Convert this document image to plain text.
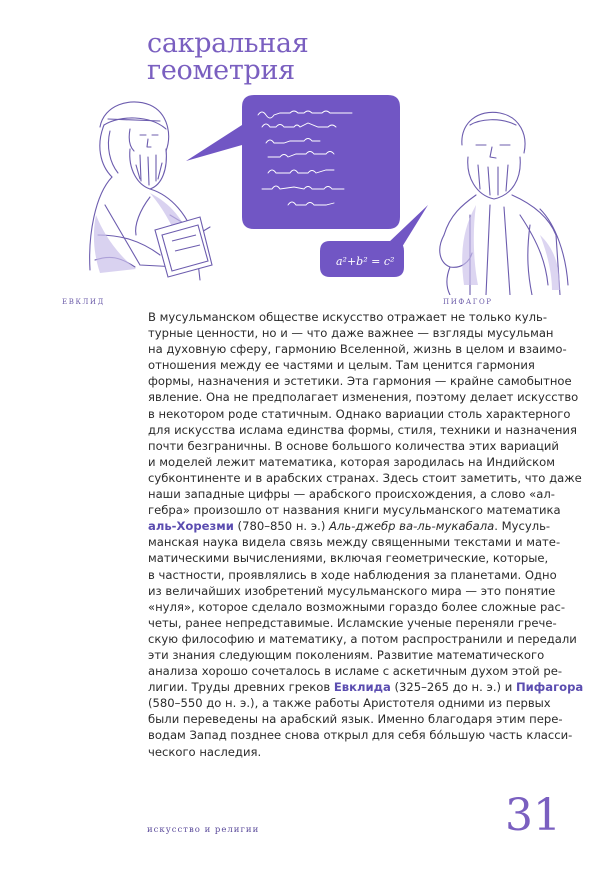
сакральная
геометрия
a²+b² = c²
ЕВКЛИД	ПИФАГОР

В мусульманском обществе искусство отражает не только куль-
турные ценности, но и — что даже важнее — взгляды мусульман
на духовную сферу, гармонию Вселенной, жизнь в целом и взаимо-
отношения между ее частями и целым. Там ценится гармония
формы, назначения и эстетики. Эта гармония — крайне самобытное
явление. Она не предполагает изменения, поэтому делает искусство
в некотором роде статичным. Однако вариации столь характерного
для искусства ислама единства формы, стиля, техники и назначения
почти безграничны. В основе большого количества этих вариаций
и моделей лежит математика, которая зародилась на Индийском
субконтиненте и в арабских странах. Здесь стоит заметить, что даже
наши западные цифры — арабского происхождения, а слово «ал-
гебра» произошло от названия книги мусульманского математика
аль-Хорезми (780–850 н. э.) Аль-джебр ва-ль-мукабала. Мусуль-
манская наука видела связь между священными текстами и мате-
матическими вычислениями, включая геометрические, которые,
в частности, проявлялись в ходе наблюдения за планетами. Одно
из величайших изобретений мусульманского мира — это понятие
«нуля», которое сделало возможными гораздо более сложные рас-
четы, ранее непредставимые. Исламские ученые переняли грече-
скую философию и математику, а потом распространили и передали
эти знания следующим поколениям. Развитие математического
анализа хорошо сочеталось в исламе с аскетичным духом этой ре-
лигии. Труды древних греков Евклида (325–265 до н. э.) и Пифагора
(580–550 до н. э.), а также работы Аристотеля одними из первых
были переведены на арабский язык. Именно благодаря этим пере-
водам Запад позднее снова открыл для себя бо́льшую часть класси-
ческого наследия.

искусство и религии	31
